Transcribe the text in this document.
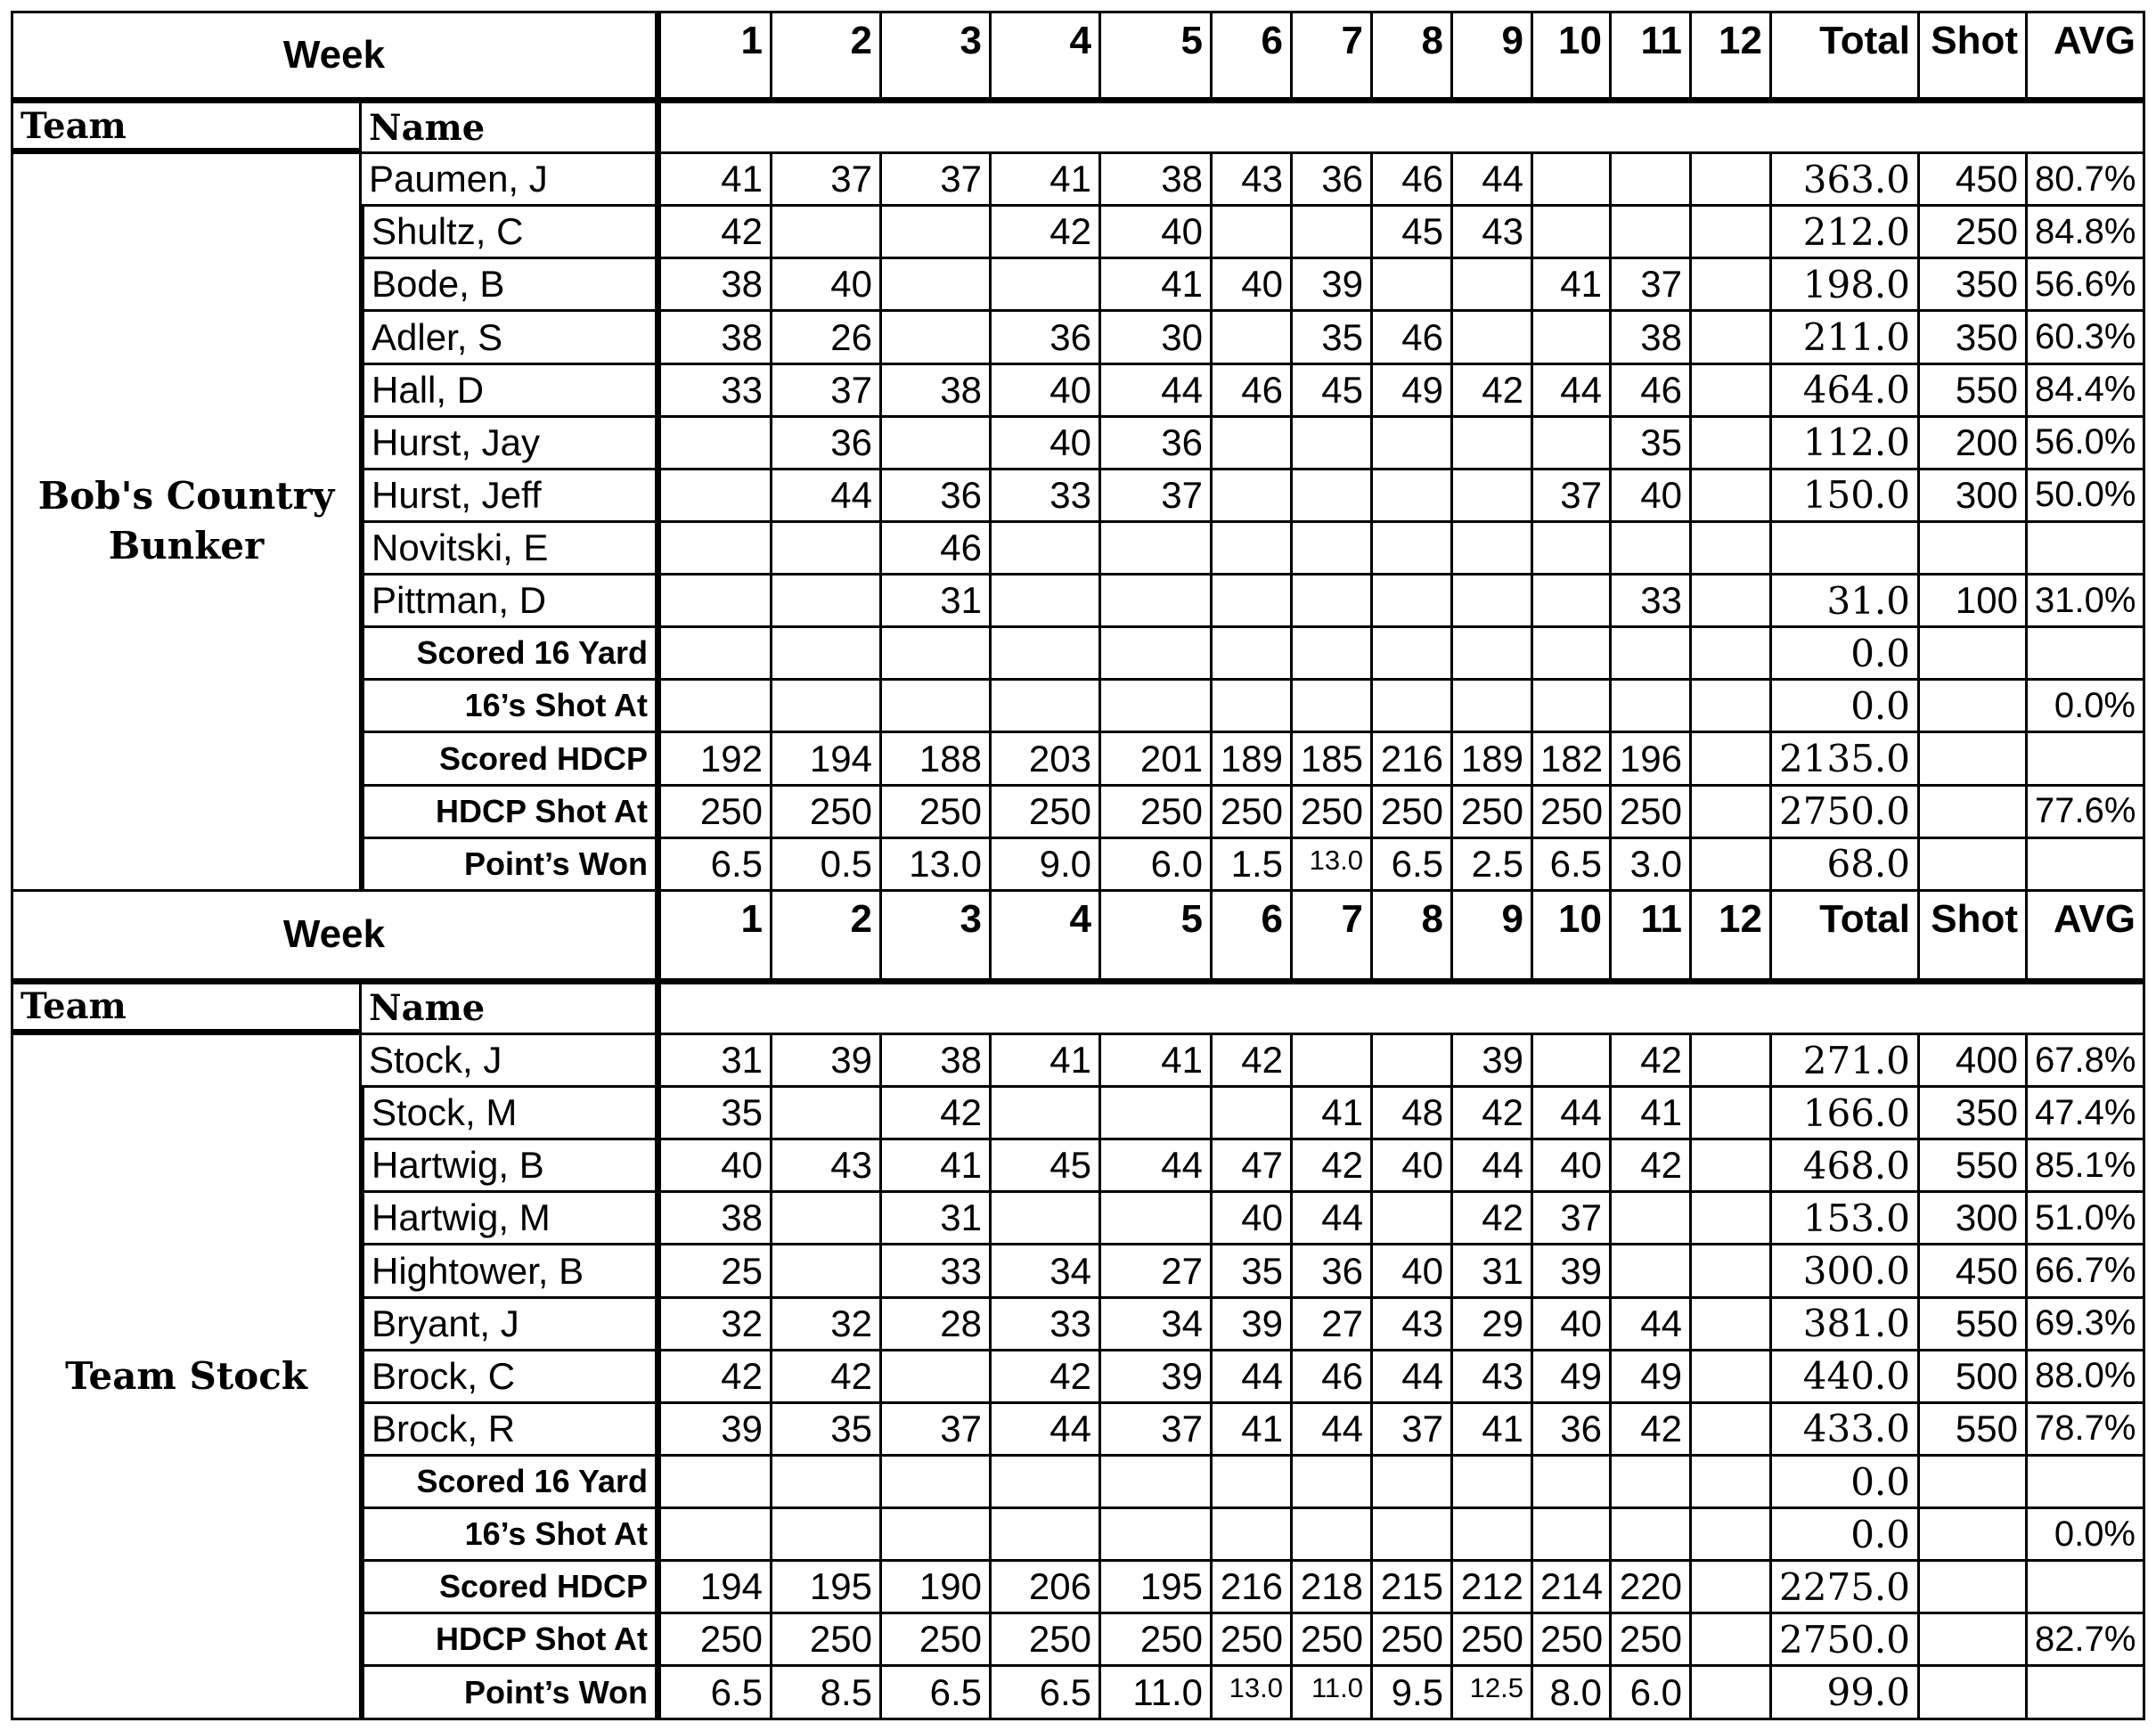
Week		1	2	3	4	5	6	7	8	9	10	11	12	Total	Shot	AVG
Team	Name															
Bob's Country Bunker	Paumen, J	41	37	37	41	38	43	36	46	44				363.0	450	80.7%
	Shultz, C	42			42	40			45	43				212.0	250	84.8%
	Bode, B	38	40			41	40	39			41	37		198.0	350	56.6%
	Adler, S	38	26		36	30		35	46			38		211.0	350	60.3%
	Hall, D	33	37	38	40	44	46	45	49	42	44	46		464.0	550	84.4%
	Hurst, Jay		36		40	36						35		112.0	200	56.0%
	Hurst, Jeff		44	36	33	37					37	40		150.0	300	50.0%
	Novitski, E			46												
	Pittman, D			31								33		31.0	100	31.0%
	Scored 16 Yard													0.0		
	16’s Shot At													0.0		0.0%
	Scored HDCP	192	194	188	203	201	189	185	216	189	182	196		2135.0		
	HDCP Shot At	250	250	250	250	250	250	250	250	250	250	250		2750.0		77.6%
	Point’s Won	6.5	0.5	13.0	9.0	6.0	1.5	13.0	6.5	2.5	6.5	3.0		68.0		
Week		1	2	3	4	5	6	7	8	9	10	11	12	Total	Shot	AVG
Team	Name															
Team Stock	Stock, J	31	39	38	41	41	42			39		42		271.0	400	67.8%
	Stock, M	35		42				41	48	42	44	41		166.0	350	47.4%
	Hartwig, B	40	43	41	45	44	47	42	40	44	40	42		468.0	550	85.1%
	Hartwig, M	38		31			40	44		42	37			153.0	300	51.0%
	Hightower, B	25		33	34	27	35	36	40	31	39			300.0	450	66.7%
	Bryant, J	32	32	28	33	34	39	27	43	29	40	44		381.0	550	69.3%
	Brock, C	42	42		42	39	44	46	44	43	49	49		440.0	500	88.0%
	Brock, R	39	35	37	44	37	41	44	37	41	36	42		433.0	550	78.7%
	Scored 16 Yard													0.0		
	16’s Shot At													0.0		0.0%
	Scored HDCP	194	195	190	206	195	216	218	215	212	214	220		2275.0		
	HDCP Shot At	250	250	250	250	250	250	250	250	250	250	250		2750.0		82.7%
	Point’s Won	6.5	8.5	6.5	6.5	11.0	13.0	11.0	9.5	12.5	8.0	6.0		99.0		
